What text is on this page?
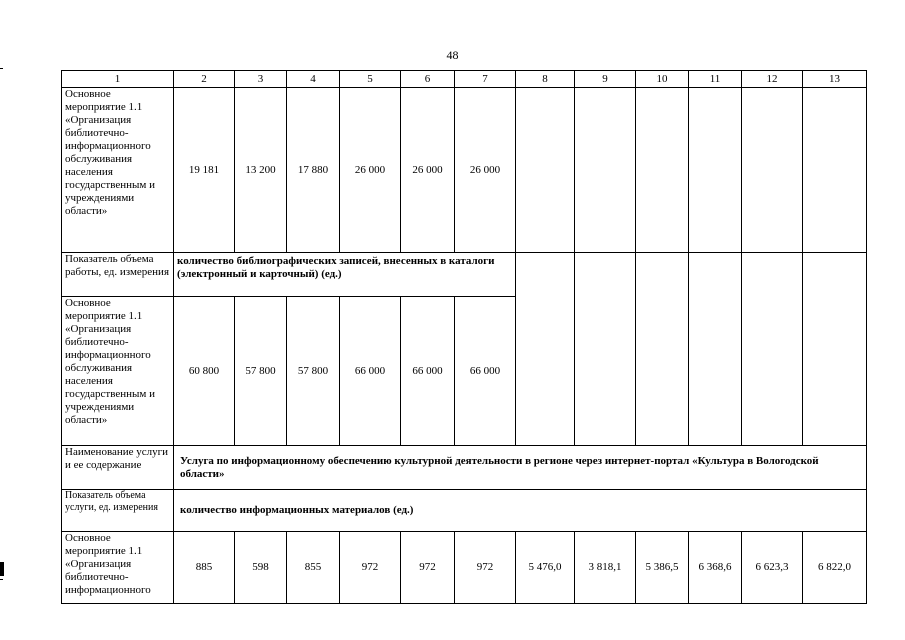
48
1	2	3	4	5	6	7	8	9	10	11	12	13
Основное мероприятие 1.1 «Организация библиотечно-информационного обслуживания населения государственным и учреждениями области»	19 181	13 200	17 880	26 000	26 000	26 000						
Показатель объема работы, ед. измерения	количество библиографических записей, внесенных в каталоги (электронный и карточный) (ед.)											
Основное мероприятие 1.1 «Организация библиотечно-информационного обслуживания населения государственным и учреждениями области»	60 800	57 800	57 800	66 000	66 000	66 000						
Наименование услуги и ее содержание	Услуга по информационному обеспечению культурной деятельности в регионе через интернет-портал «Культура в Вологодской области»											
Показатель объема услуги, ед. измерения	количество информационных материалов (ед.)											
Основное мероприятие 1.1 «Организация библиотечно-информационного	885	598	855	972	972	972	5 476,0	3 818,1	5 386,5	6 368,6	6 623,3	6 822,0
